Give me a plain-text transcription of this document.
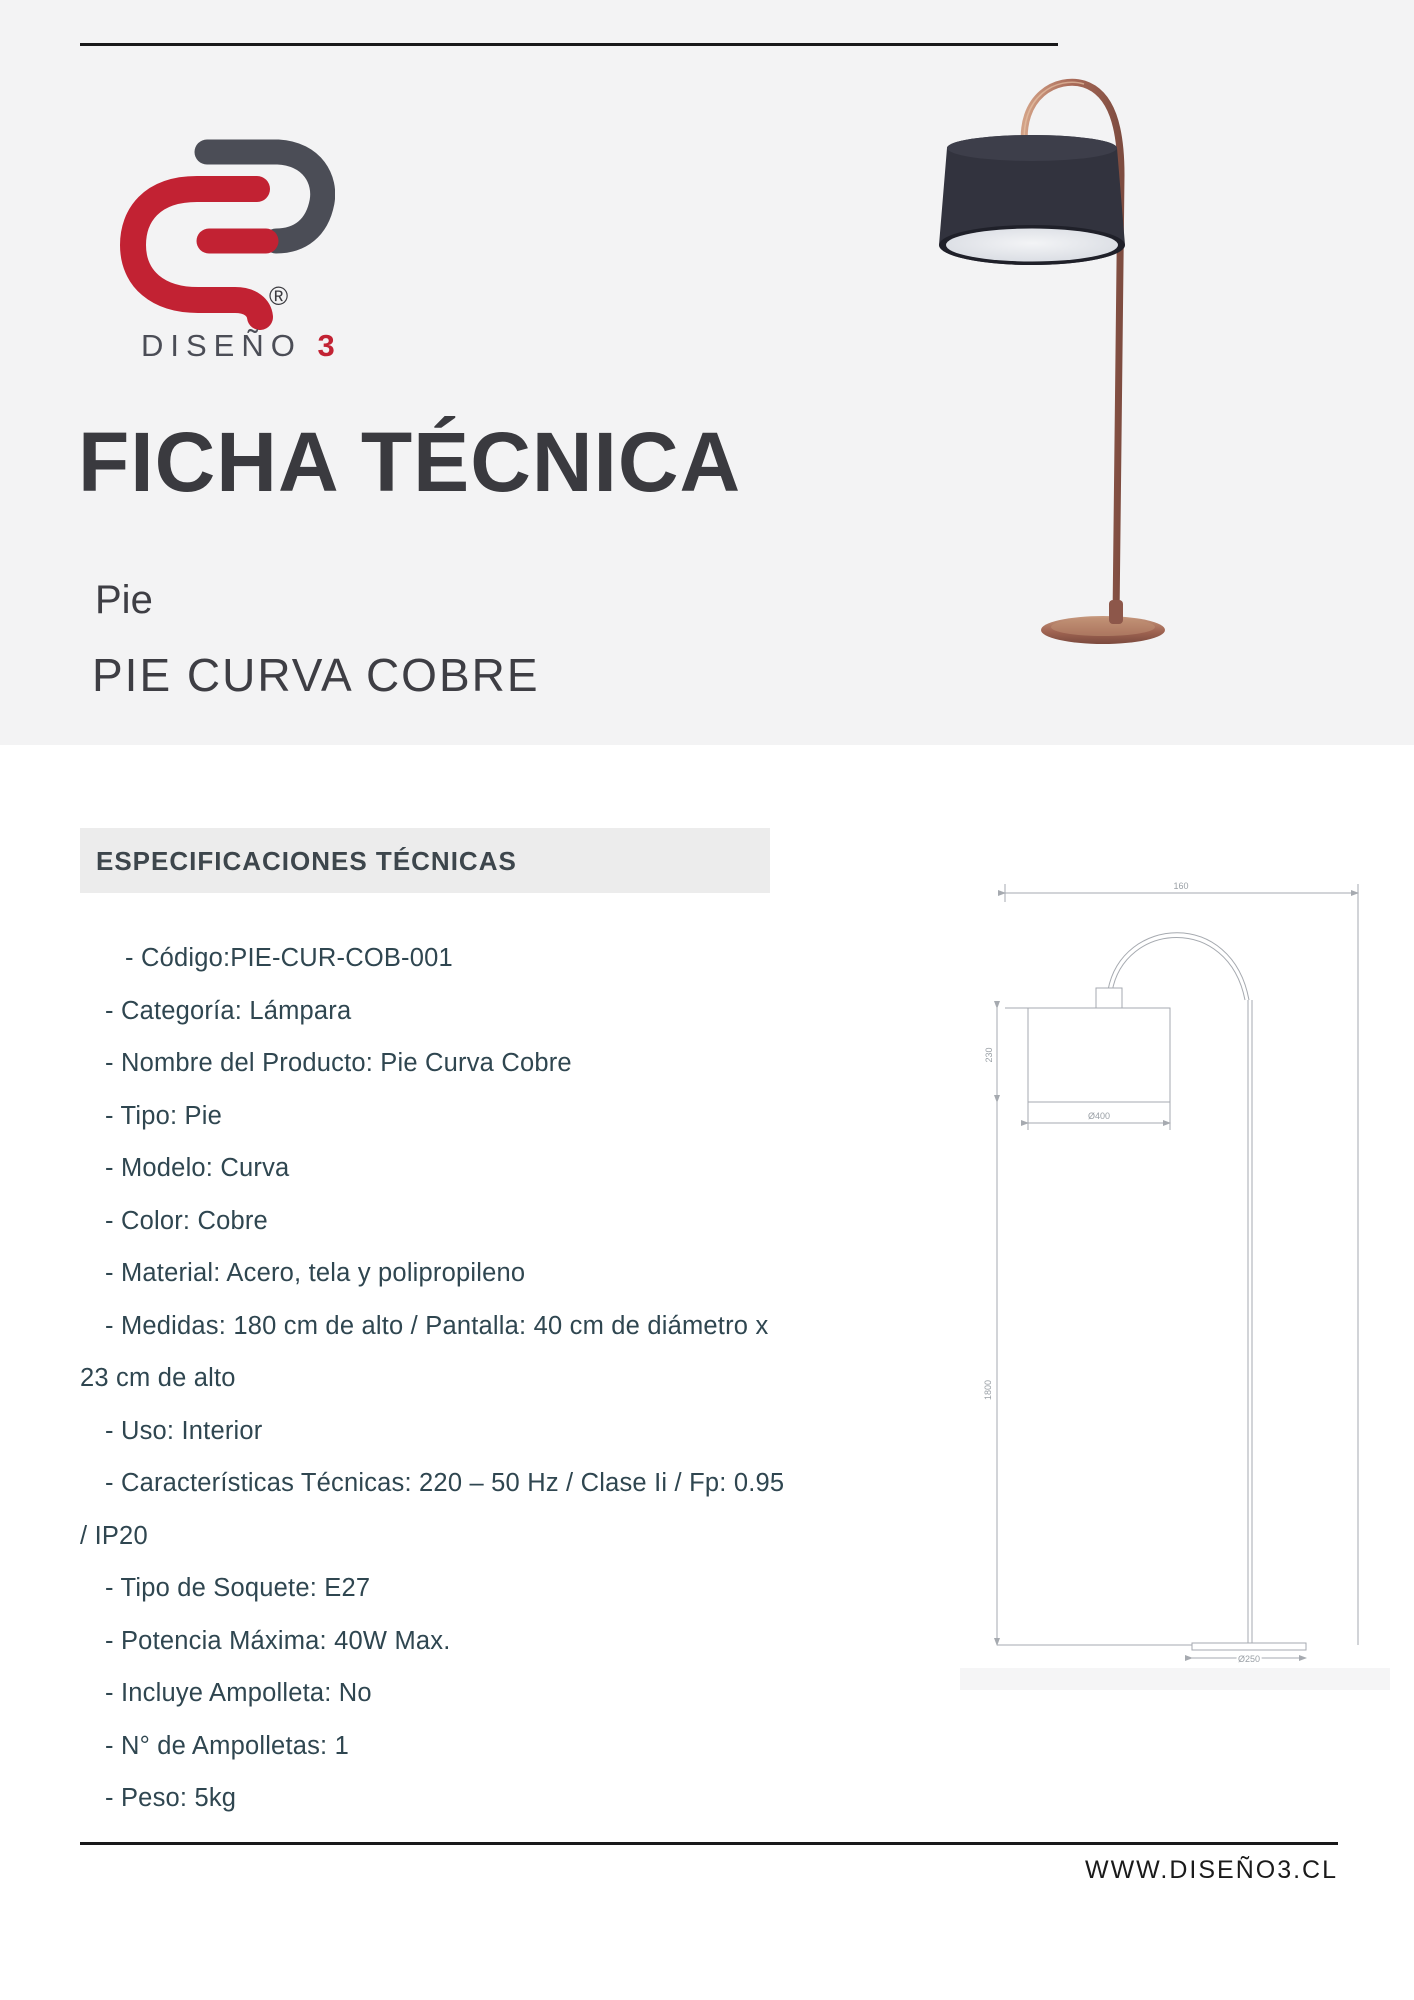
®
DISEÑO 3
FICHA TÉCNICA
Pie
PIE CURVA COBRE
ESPECIFICACIONES TÉCNICAS
- Código:PIE-CUR-COB-001
- Categoría: Lámpara
- Nombre del Producto: Pie Curva Cobre
- Tipo: Pie
- Modelo: Curva
- Color: Cobre
- Material: Acero, tela y polipropileno
- Medidas: 180 cm de alto / Pantalla: 40 cm de diámetro x 23 cm de alto
- Uso: Interior
- Características Técnicas: 220 – 50 Hz / Clase Ii / Fp: 0.95 / IP20
- Tipo de Soquete: E27
- Potencia Máxima: 40W Max.
- Incluye Ampolleta: No
- N° de Ampolletas: 1
- Peso: 5kg
160
230
1800
Ø400
Ø250
WWW.DISEÑO3.CL
